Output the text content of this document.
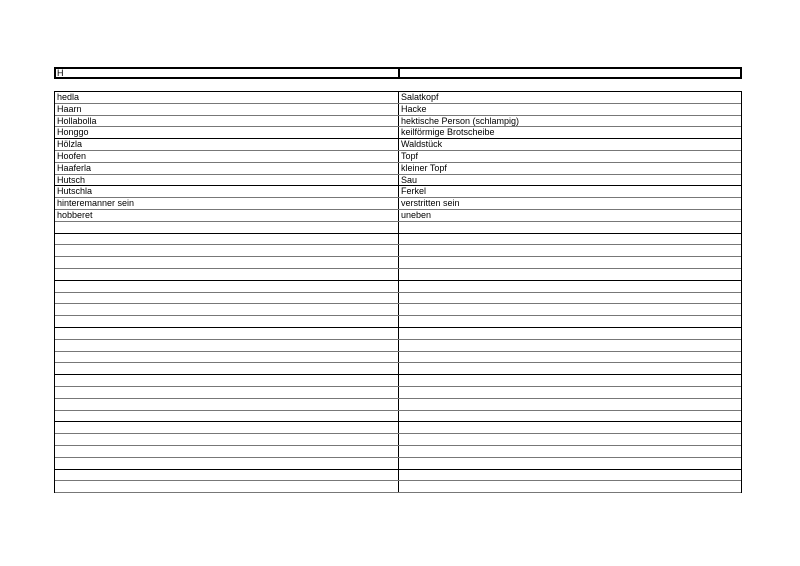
H
hedla	Salatkopf
Haarn	Hacke
Hollabolla	hektische Person (schlampig)
Honggo	keilförmige Brotscheibe
Hölzla	Waldstück
Hoofen	Topf
Haaferla	kleiner Topf
Hutsch	Sau
Hutschla	Ferkel
hinteremanner sein	verstritten sein
hobberet	uneben
